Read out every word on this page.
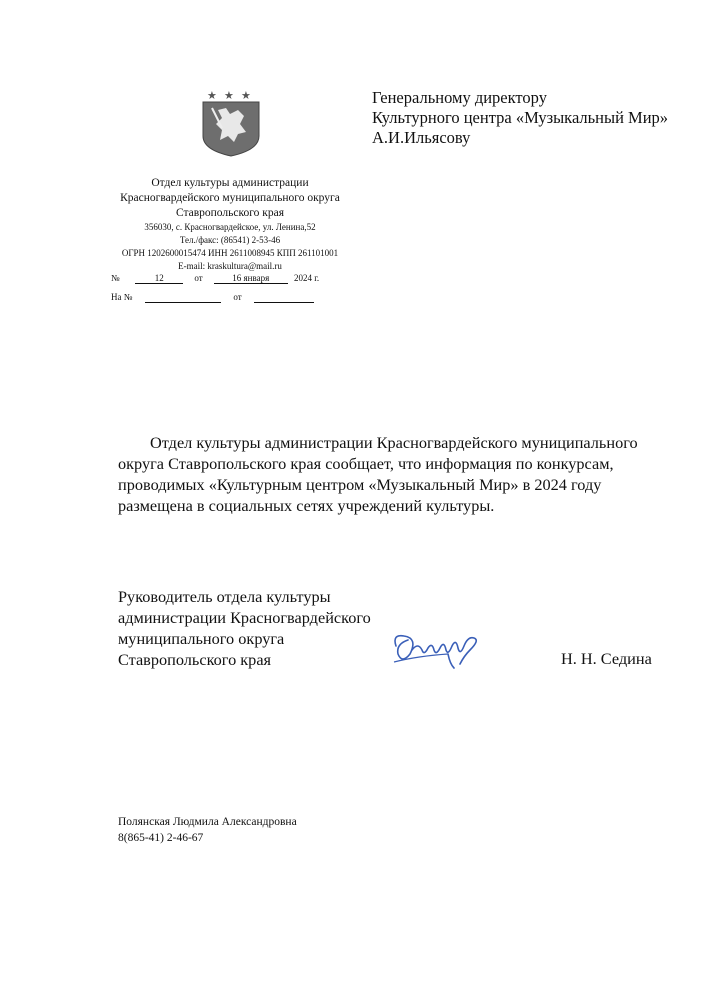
★ ★ ★
Отдел культуры администрации
Красногвардейского муниципального округа
Ставропольского края
356030, с. Красногвардейское, ул. Ленина,52
Тел./факс: (86541) 2-53-46
ОГРН 1202600015474 ИНН 2611008945 КПП 261101001
E-mail: kraskultura@mail.ru
№	12	от	16 января	2024 г.
На №	от
Генеральному директору
Культурного центра «Музыкальный Мир»
А.И.Ильясову

Отдел культуры администрации Красногвардейского муниципального

округа Ставропольского края сообщает, что информация по конкурсам,
проводимых «Культурным центром «Музыкальный Мир» в 2024 году
размещена в социальных сетях учреждений культуры.
Руководитель отдела культуры
администрации Красногвардейского
муниципального округа
Ставропольского края	Н. Н. Седина
Полянская Людмила Александровна
8(865-41) 2-46-67
